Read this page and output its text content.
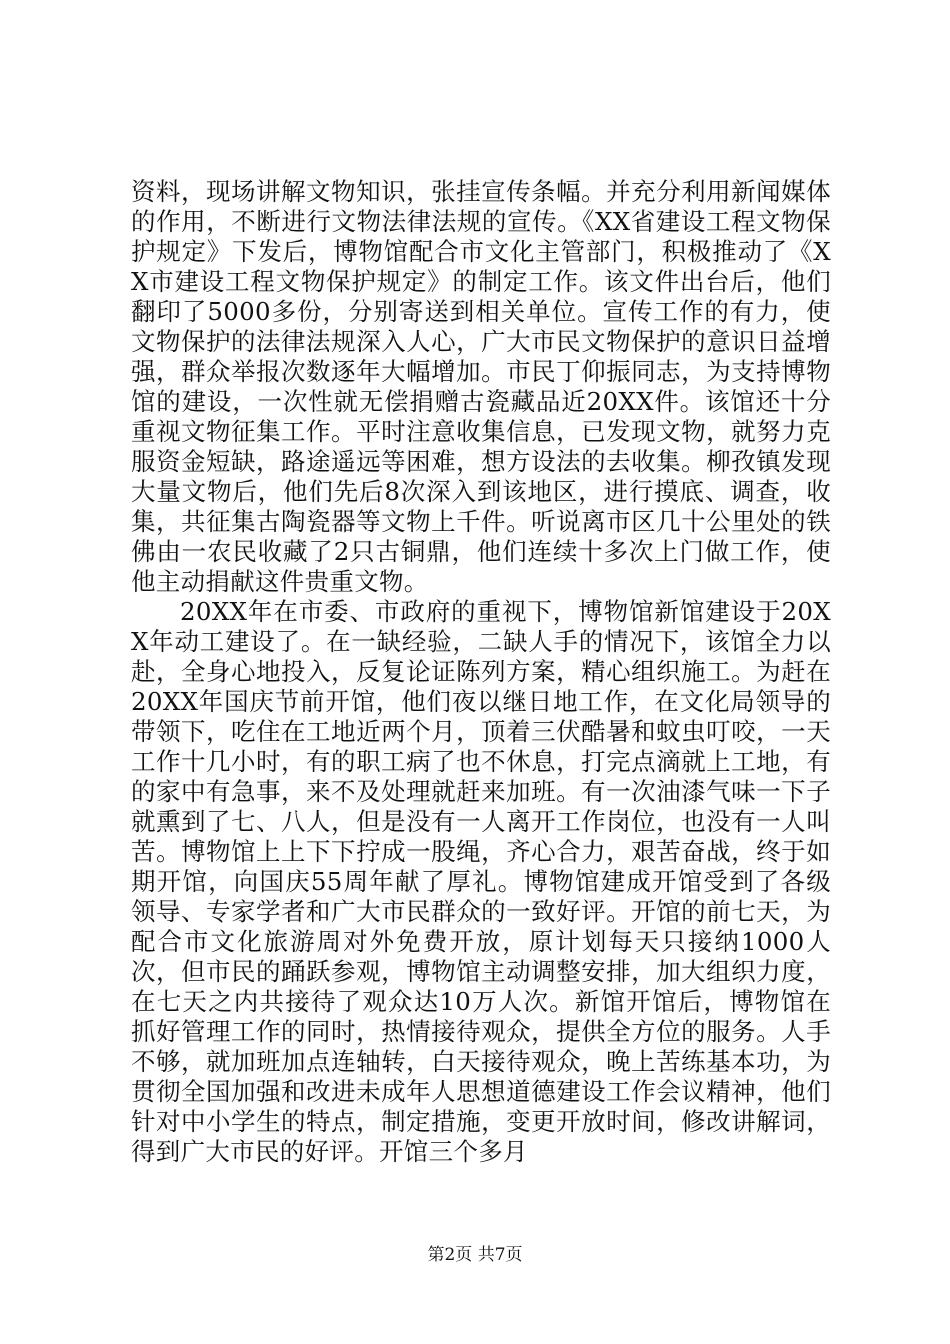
资料，现场讲解文物知识，张挂宣传条幅。并充分利用新闻媒体的作用，不断进行文物法律法规的宣传。《XX省建设工程文物保护规定》下发后，博物馆配合市文化主管部门，积极推动了《XX市建设工程文物保护规定》的制定工作。该文件出台后，他们翻印了5000多份，分别寄送到相关单位。宣传工作的有力，使文物保护的法律法规深入人心，广大市民文物保护的意识日益增强，群众举报次数逐年大幅增加。市民丁仰振同志，为支持博物馆的建设，一次性就无偿捐赠古瓷藏品近20XX件。该馆还十分重视文物征集工作。平时注意收集信息，已发现文物，就努力克服资金短缺，路途遥远等困难，想方设法的去收集。柳孜镇发现大量文物后，他们先后8次深入到该地区，进行摸底、调查，收集，共征集古陶瓷器等文物上千件。听说离市区几十公里处的铁佛由一农民收藏了2只古铜鼎，他们连续十多次上门做工作，使他主动捐献这件贵重文物。

20XX年在市委、市政府的重视下，博物馆新馆建设于20XX年动工建设了。在一缺经验，二缺人手的情况下，该馆全力以赴，全身心地投入，反复论证陈列方案，精心组织施工。为赶在20XX年国庆节前开馆，他们夜以继日地工作，在文化局领导的带领下，吃住在工地近两个月，顶着三伏酷暑和蚊虫叮咬，一天工作十几小时，有的职工病了也不休息，打完点滴就上工地，有的家中有急事，来不及处理就赶来加班。有一次油漆气味一下子就熏到了七、八人，但是没有一人离开工作岗位，也没有一人叫苦。博物馆上上下下拧成一股绳，齐心合力，艰苦奋战，终于如期开馆，向国庆55周年献了厚礼。博物馆建成开馆受到了各级领导、专家学者和广大市民群众的一致好评。开馆的前七天，为配合市文化旅游周对外免费开放，原计划每天只接纳1000人次，但市民的踊跃参观，博物馆主动调整安排，加大组织力度，在七天之内共接待了观众达10万人次。新馆开馆后，博物馆在抓好管理工作的同时，热情接待观众，提供全方位的服务。人手不够，就加班加点连轴转，白天接待观众，晚上苦练基本功，为贯彻全国加强和改进未成年人思想道德建设工作会议精神，他们针对中小学生的特点，制定措施，变更开放时间，修改讲解词，得到广大市民的好评。开馆三个多月

第2页 共7页
